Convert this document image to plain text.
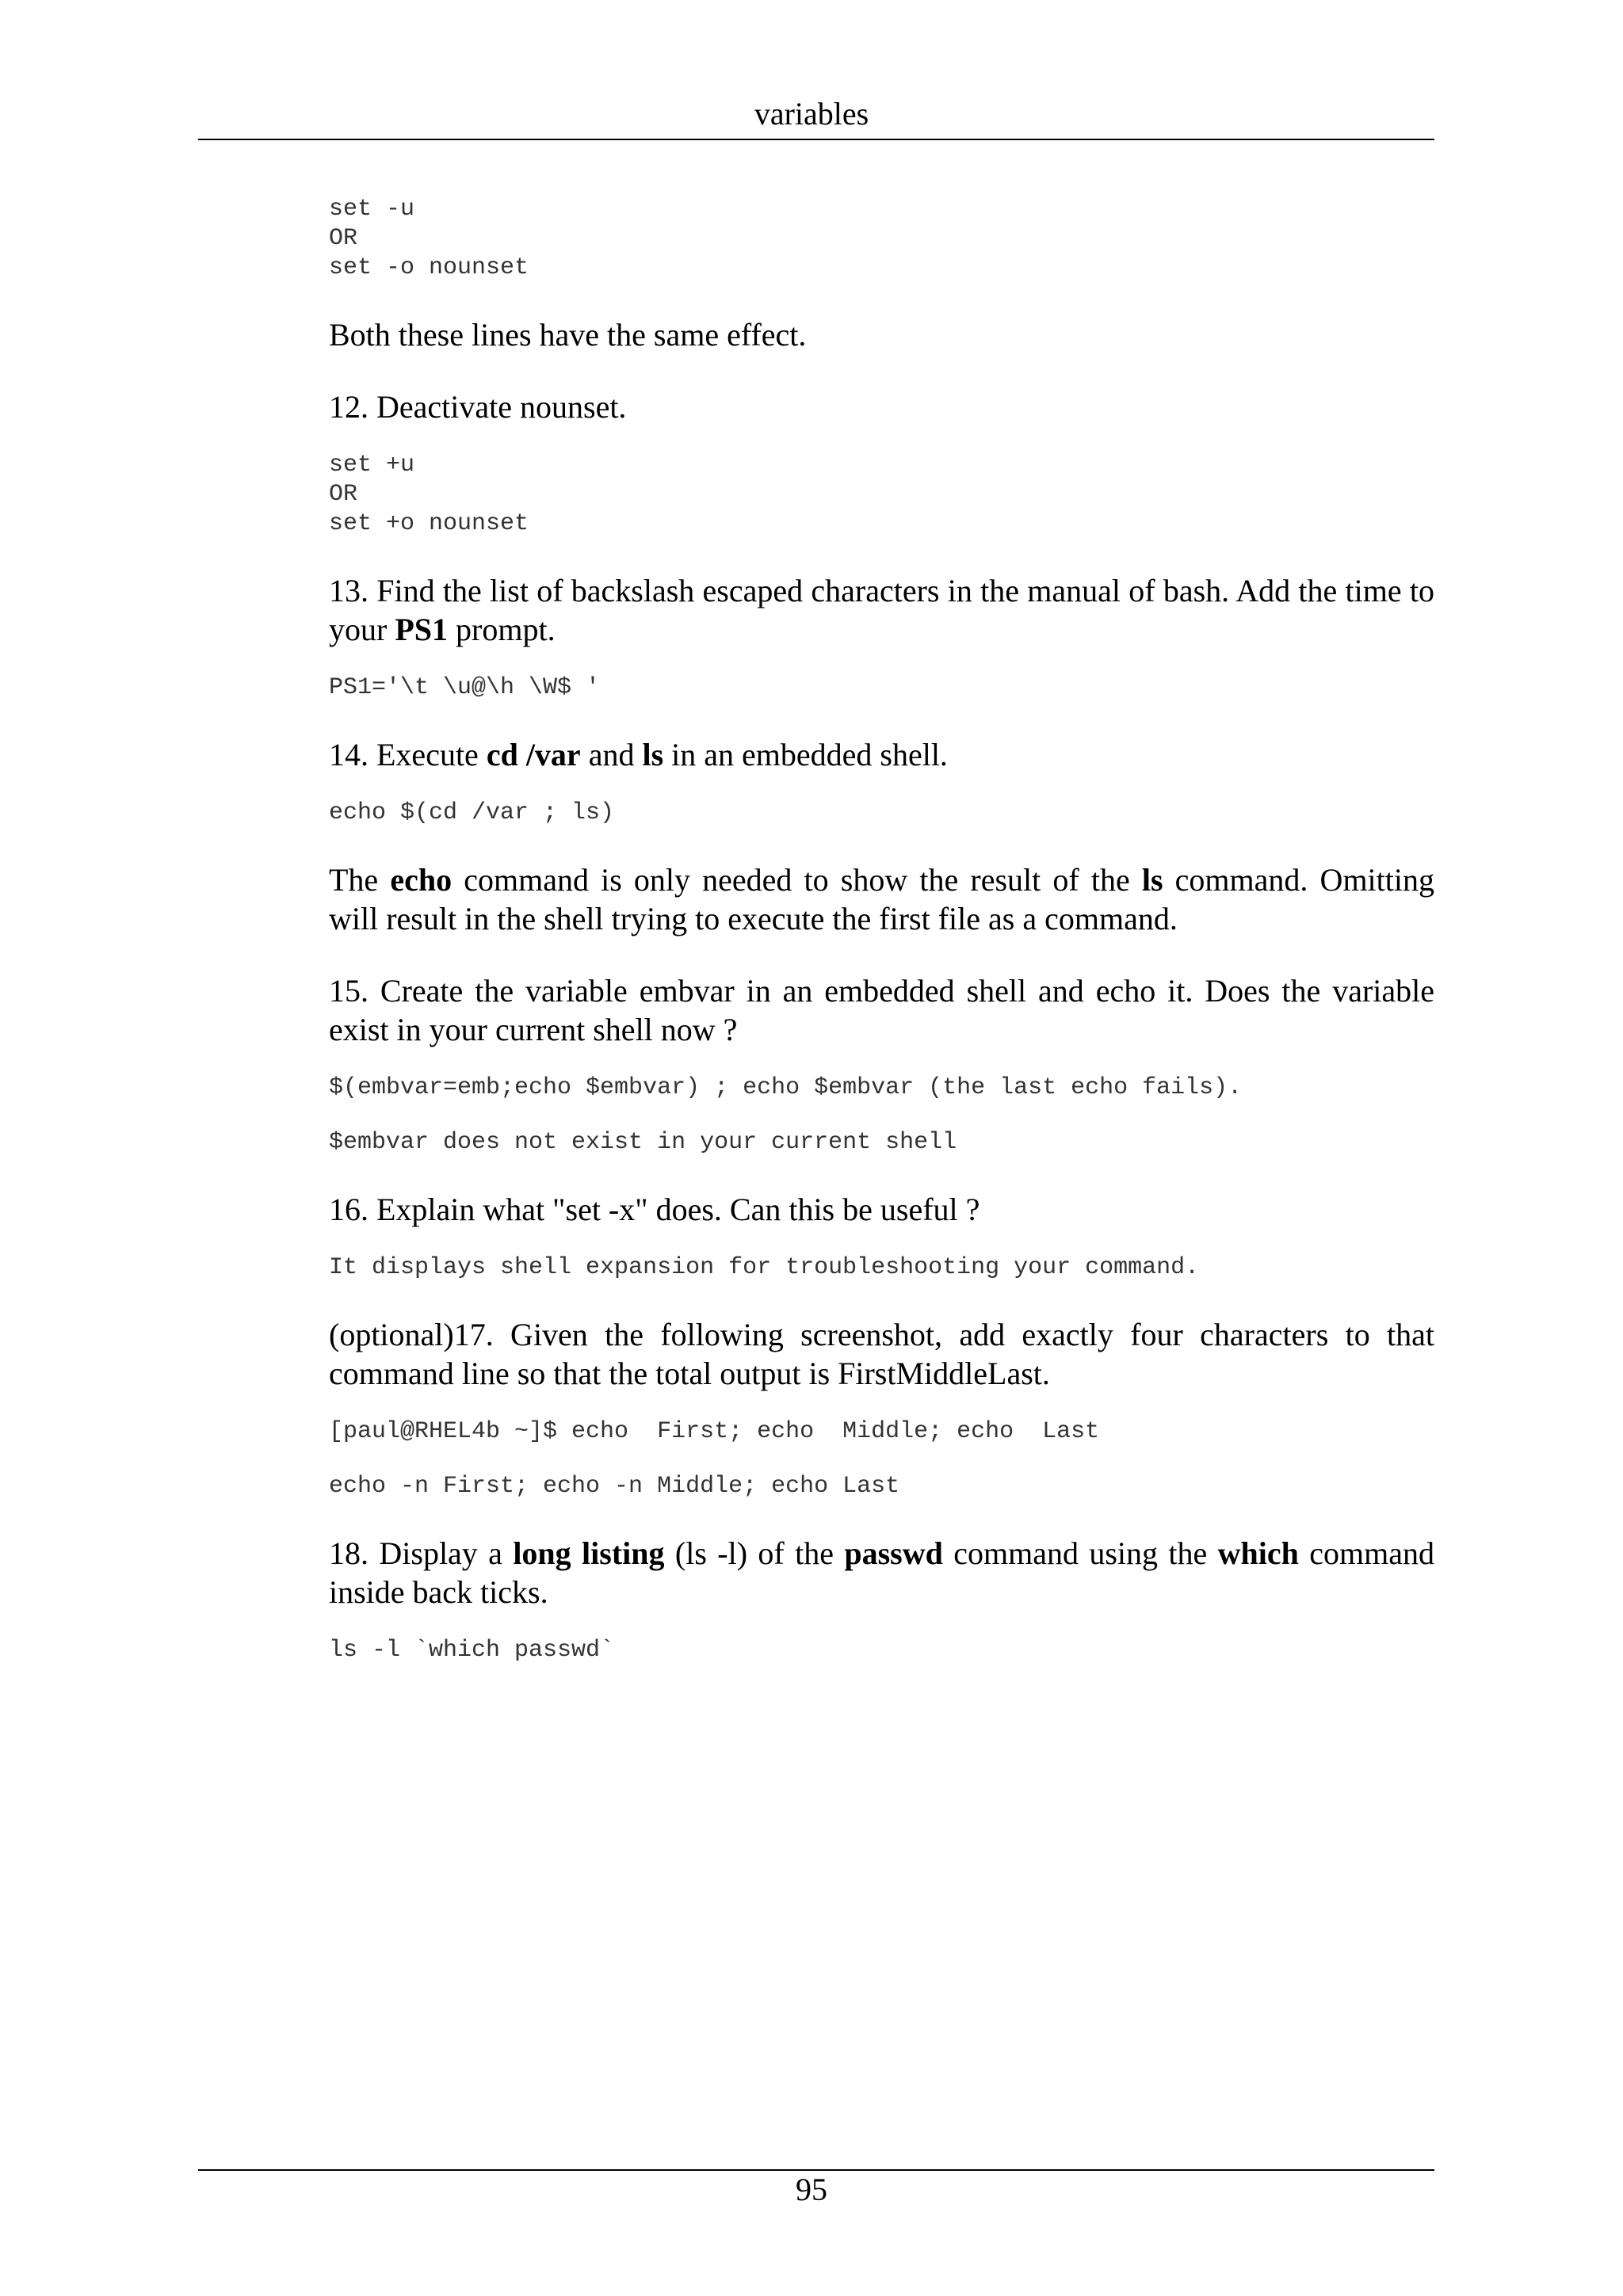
variables
set -u
OR
set -o nounset

Both these lines have the same effect.

12. Deactivate nounset.

set +u
OR
set +o nounset

13. Find the list of backslash escaped characters in the manual of bash. Add the time to your PS1 prompt.

PS1='\t \u@\h \W$ '

14. Execute cd /var and ls in an embedded shell.

echo $(cd /var ; ls)

The echo command is only needed to show the result of the ls command. Omitting will result in the shell trying to execute the first file as a command.

15. Create the variable embvar in an embedded shell and echo it. Does the variable exist in your current shell now ?

$(embvar=emb;echo $embvar) ; echo $embvar (the last echo fails).
$embvar does not exist in your current shell

16. Explain what "set -x" does. Can this be useful ?

It displays shell expansion for troubleshooting your command.

(optional)17. Given the following screenshot, add exactly four characters to that command line so that the total output is FirstMiddleLast.

[paul@RHEL4b ~]$ echo  First; echo  Middle; echo  Last
echo -n First; echo -n Middle; echo Last

18. Display a long listing (ls -l) of the passwd command using the which command inside back ticks.

ls -l `which passwd`
95
